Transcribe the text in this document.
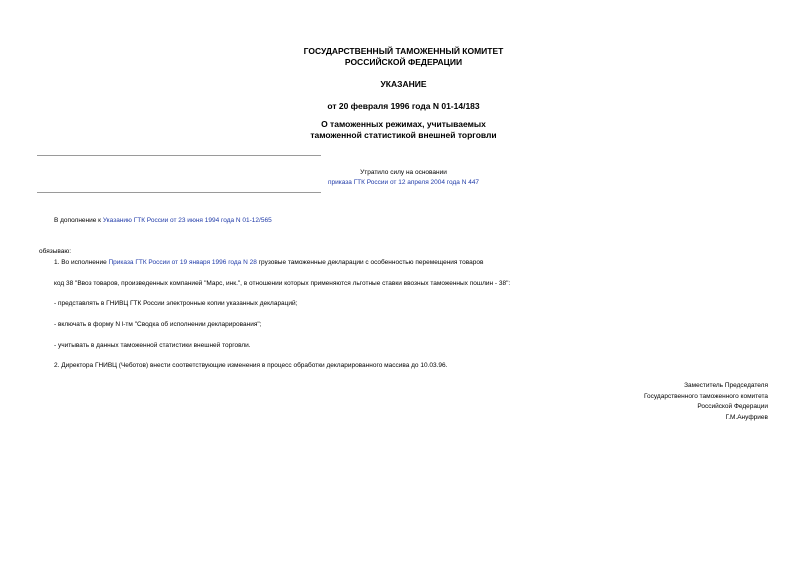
ГОСУДАРСТВЕННЫЙ ТАМОЖЕННЫЙ КОМИТЕТ
РОССИЙСКОЙ ФЕДЕРАЦИИ
УКАЗАНИЕ
от 20 февраля 1996 года N 01-14/183
О таможенных режимах, учитываемых
таможенной статистикой внешней торговли
Утратило силу на основании
приказа ГТК России от 12 апреля 2004 года N 447
В дополнение к Указанию ГТК России от 23 июня 1994 года N 01-12/565
обязываю:
1. Во исполнение Приказа ГТК России от 19 января 1996 года N 28 грузовые таможенные декларации с особенностью перемещения товаров
код 38 "Ввоз товаров, произведенных компанией "Марс, инк.", в отношении которых применяются льготные ставки ввозных таможенных пошлин - 38":
- представлять в ГНИВЦ ГТК России электронные копии указанных деклараций;
- включать в форму N l-тм "Сводка об исполнении декларирования";
- учитывать в данных таможенной статистики внешней торговли.
2. Директора ГНИВЦ (Чеботов) внести соответствующие изменения в процесс обработки декларированного массива до 10.03.96.
Заместитель Председателя
Государственного таможенного комитета
Российской Федерации
Г.М.Ануфриев
